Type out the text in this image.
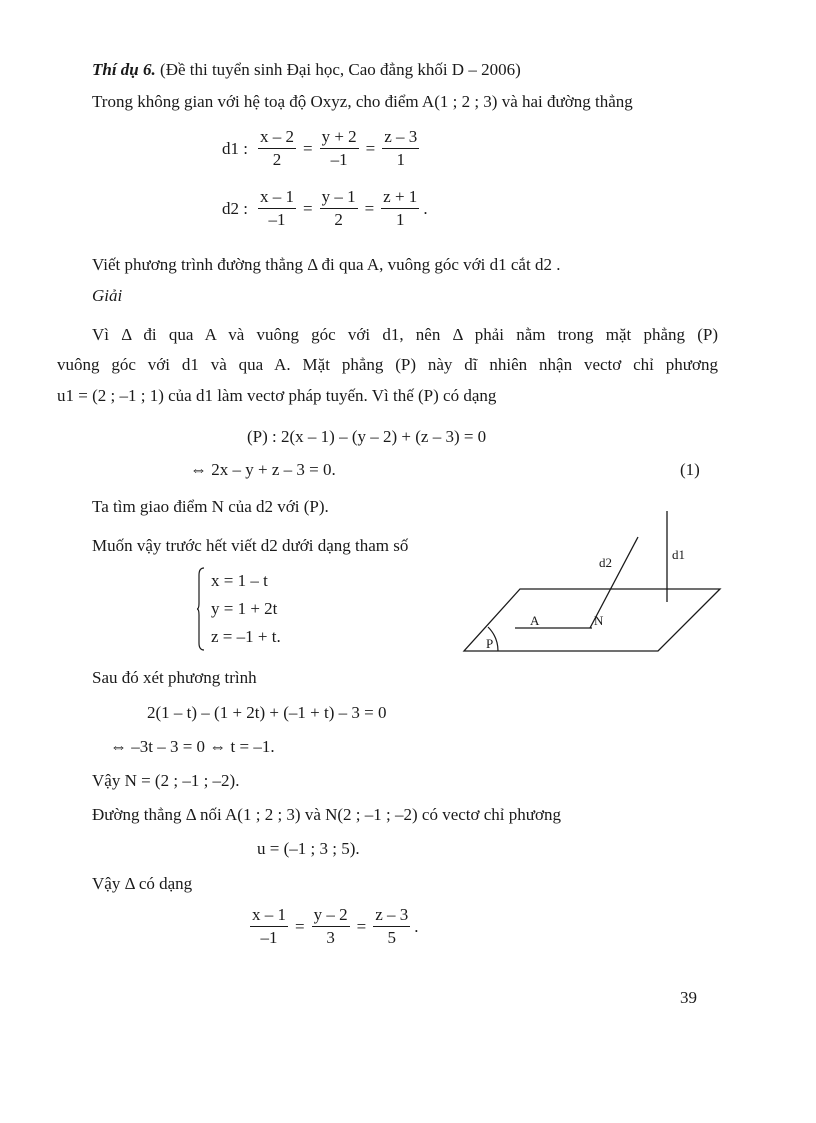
Thí dụ 6. (Đề thi tuyển sinh Đại học, Cao đẳng khối D – 2006)
Trong không gian với hệ toạ độ Oxyz, cho điểm A(1 ; 2 ; 3) và hai đường thẳng
d1 : $\frac{x - 2}{2} = \frac{y + 2}{-1} = \frac{z - 3}{1}$
d2 : $\frac{x - 1}{-1} = \frac{y - 1}{2} = \frac{z + 1}{1}$ .
Viết phương trình đường thẳng Δ đi qua A, vuông góc với d1 cắt d2 .
Giải
Vì Δ đi qua A và vuông góc với d1, nên Δ phải nằm trong mặt phẳng (P)
vuông góc với d1 và qua A. Mặt phẳng (P) này dĩ nhiên nhận vectơ chỉ phương
u1 = (2 ; –1 ; 1) của d1 làm vectơ pháp tuyến. Vì thế (P) có dạng
(P) : 2(x – 1) – (y – 2) + (z – 3) = 0
⇔ 2x – y + z – 3 = 0.	(1)
Ta tìm giao điểm N của d2 với (P).
Muốn vậy trước hết viết d2 dưới dạng tham số
x = 1 – t
y = 1 + 2t
z = –1 + t.
d2
d1
A	N
P
Sau đó xét phương trình
2(1 – t) – (1 + 2t) + (–1 + t) – 3 = 0
⇔ –3t – 3 = 0 ⇔ t = –1.
Vậy N = (2 ; –1 ; –2).
Đường thẳng Δ nối A(1 ; 2 ; 3) và N(2 ; –1 ; –2) có vectơ chỉ phương
u = (–1 ; 3 ; 5).
Vậy Δ có dạng
$\frac{x - 1}{-1} = \frac{y - 2}{3} = \frac{z - 3}{5}$ .
39
